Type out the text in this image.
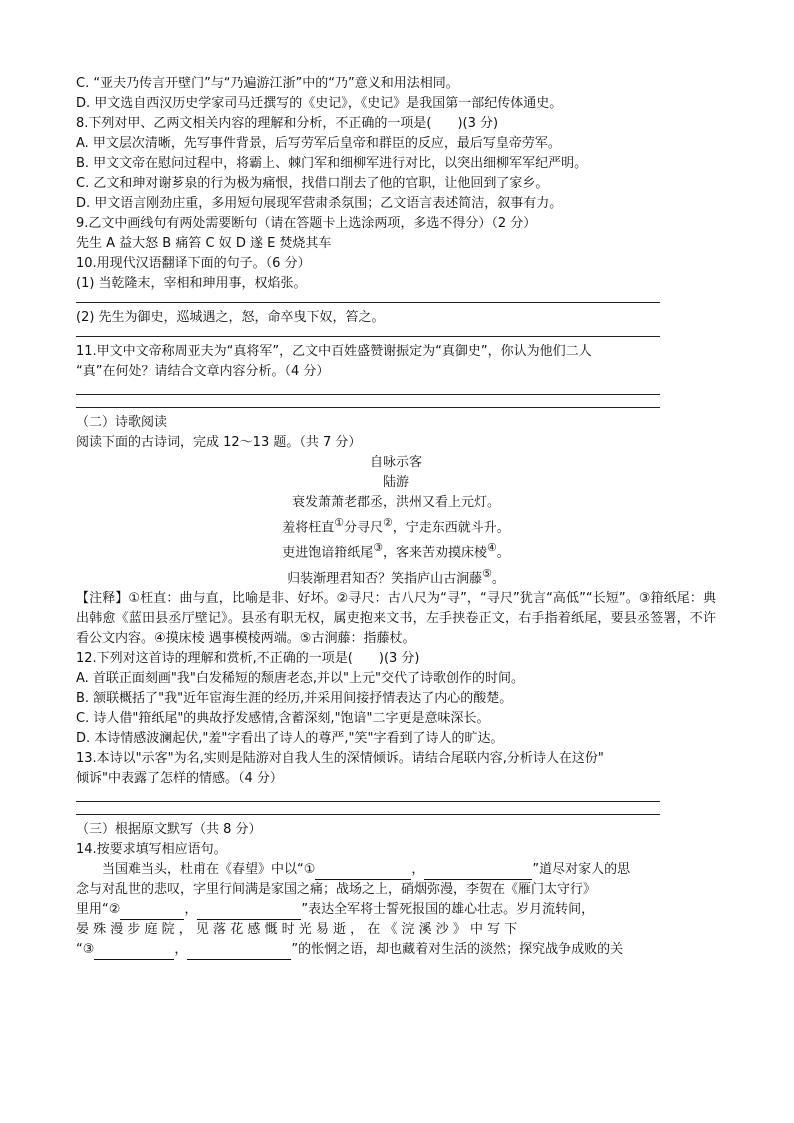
C. “亚夫乃传言开壁门”与“乃遍游江浙”中的“乃”意义和用法相同。

D. 甲文选自西汉历史学家司马迁撰写的《史记》，《史记》是我国第一部纪传体通史。

8.下列对甲、乙两文相关内容的理解和分析，不正确的一项是(　　)(3 分)

A. 甲文层次清晰，先写事件背景，后写劳军后皇帝和群臣的反应，最后写皇帝劳军。

B. 甲文文帝在慰问过程中，将霸上、棘门军和细柳军进行对比，以突出细柳军军纪严明。

C. 乙文和珅对谢芗泉的行为极为痛恨，找借口削去了他的官职，让他回到了家乡。

D. 甲文语言刚劲庄重，多用短句展现军营肃杀氛围；乙文语言表述简洁，叙事有力。

9.乙文中画线句有两处需要断句（请在答题卡上选涂两项，多选不得分）（2 分）

先生 A 益大怒 B 痛笞 C 奴 D 遂 E 焚烧其车

10.用现代汉语翻译下面的句子。（6 分）

(1) 当乾隆末，宰相和珅用事，权焰张。

(2) 先生为御史，巡城遇之，怒，命卒曳下奴，笞之。

11.甲文中文帝称周亚夫为“真将军”，乙文中百姓盛赞谢振定为“真御史”，你认为他们二人

“真”在何处？请结合文章内容分析。（4 分）

（二）诗歌阅读

阅读下面的古诗词，完成 12～13 题。（共 7 分）

自咏示客

陆游

衰发萧萧老郡丞，洪州又看上元灯。

羞将枉直①分寻尺②，宁走东西就斗升。

吏进饱谙箝纸尾③，客来苦劝摸床棱④。

归装渐理君知否？笑指庐山古涧藤⑤。

【注释】①枉直：曲与直，比喻是非、好坏。②寻尺：古八尺为“寻”，“寻尺”犹言“高低”“长短”。③箝纸尾：典出韩愈《蓝田县丞厅壁记》。县丞有职无权，属吏抱来文书，左手挟卷正文，右手指着纸尾，要县丞签署，不许看公文内容。④摸床棱 遇事模棱两端。⑤古涧藤：指藤杖。

12.下列对这首诗的理解和赏析,不正确的一项是(　　)(3 分)

A. 首联正面刻画"我"白发稀短的颓唐老态,并以"上元"交代了诗歌创作的时间。

B. 颔联概括了"我"近年宦海生涯的经历,并采用间接抒情表达了内心的酸楚。

C. 诗人借"箝纸尾"的典故抒发感情,含蓄深刻,"饱谙"二字更是意味深长。

D. 本诗情感波澜起伏,"羞"字看出了诗人的尊严,"笑"字看到了诗人的旷达。

13.本诗以"示客"为名,实则是陆游对自我人生的深情倾诉。请结合尾联内容,分析诗人在这份"

倾诉"中表露了怎样的情感。（4 分）

（三）根据原文默写（共 8 分）

14.按要求填写相应语句。

当国难当头，杜甫在《春望》中以“①	，	”道尽对家人的思

念与对乱世的悲叹，字里行间满是家国之痛；战场之上，硝烟弥漫，李贺在《雁门太守行》

里用“②	，	”表达全军将士誓死报国的雄心壮志。岁月流转间，

晏 殊 漫 步 庭 院 ， 见 落 花 感 慨 时 光 易 逝 ， 在 《 浣 溪 沙 》 中 写 下

“③	，	”的怅惘之语，却也藏着对生活的淡然；探究战争成败的关
